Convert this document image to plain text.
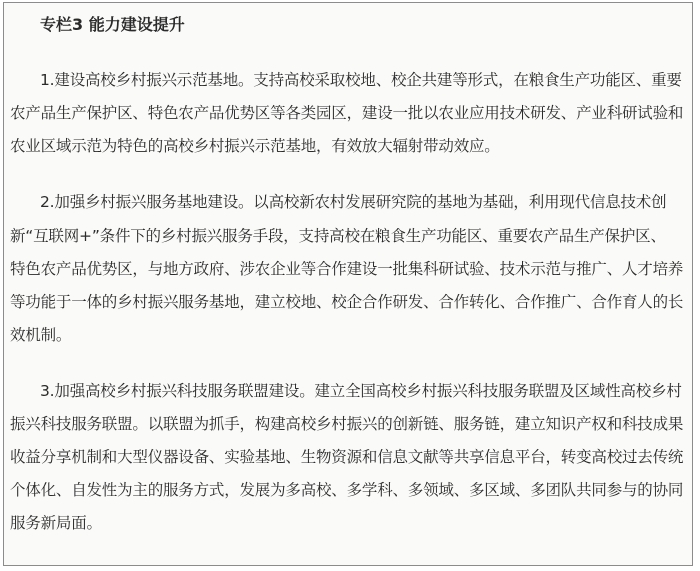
专栏3 能力建设提升
1.建设高校乡村振兴示范基地。支持高校采取校地、校企共建等形式，在粮食生产功能区、重要
农产品生产保护区、特色农产品优势区等各类园区，建设一批以农业应用技术研发、产业科研试验和
农业区域示范为特色的高校乡村振兴示范基地，有效放大辐射带动效应。
2.加强乡村振兴服务基地建设。以高校新农村发展研究院的基地为基础，利用现代信息技术创
新“互联网+”条件下的乡村振兴服务手段，支持高校在粮食生产功能区、重要农产品生产保护区、
特色农产品优势区，与地方政府、涉农企业等合作建设一批集科研试验、技术示范与推广、人才培养
等功能于一体的乡村振兴服务基地，建立校地、校企合作研发、合作转化、合作推广、合作育人的长
效机制。
3.加强高校乡村振兴科技服务联盟建设。建立全国高校乡村振兴科技服务联盟及区域性高校乡村
振兴科技服务联盟。以联盟为抓手，构建高校乡村振兴的创新链、服务链，建立知识产权和科技成果
收益分享机制和大型仪器设备、实验基地、生物资源和信息文献等共享信息平台，转变高校过去传统
个体化、自发性为主的服务方式，发展为多高校、多学科、多领域、多区域、多团队共同参与的协同
服务新局面。
